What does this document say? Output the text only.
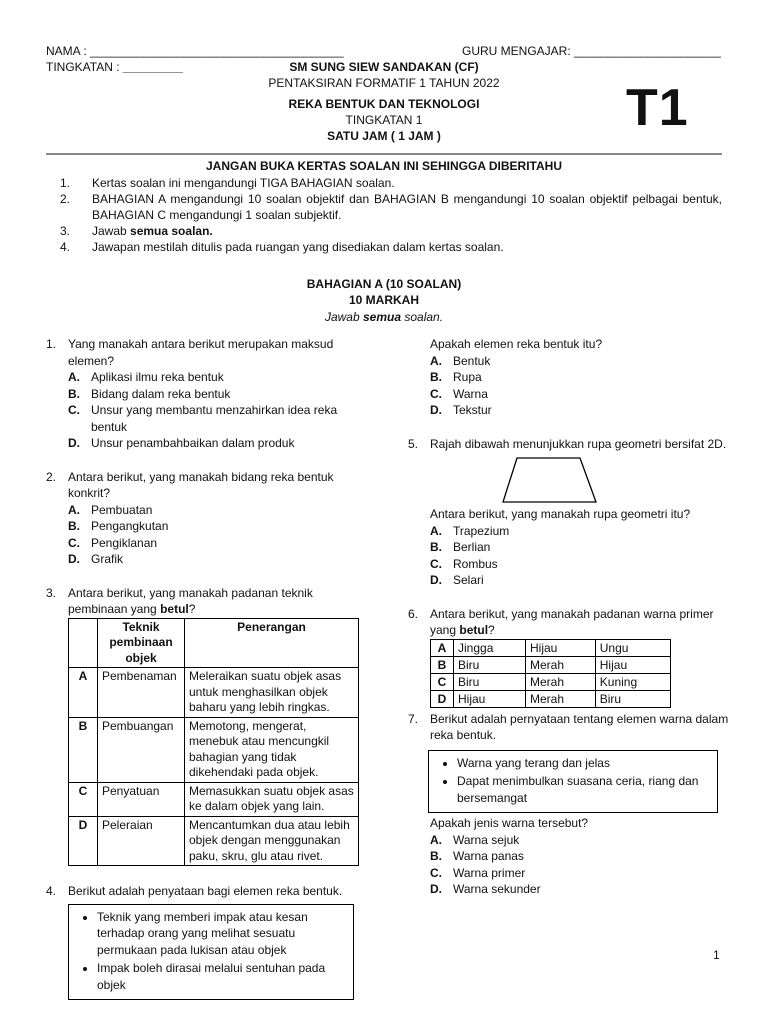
NAMA : ______________________________________	GURU MENGAJAR: ______________________
TINGKATAN : _________	SM SUNG SIEW SANDAKAN (CF)
PENTAKSIRAN FORMATIF 1 TAHUN 2022
REKA BENTUK DAN TEKNOLOGI
TINGKATAN 1
SATU JAM ( 1 JAM )	T1
JANGAN BUKA KERTAS SOALAN INI SEHINGGA DIBERITAHU
1. Kertas soalan ini mengandungi TIGA BAHAGIAN soalan.
2. BAHAGIAN A mengandungi 10 soalan objektif dan BAHAGIAN B mengandungi 10 soalan objektif pelbagai bentuk, BAHAGIAN C mengandungi 1 soalan subjektif.
3. Jawab semua soalan.
4. Jawapan mestilah ditulis pada ruangan yang disediakan dalam kertas soalan.
BAHAGIAN A (10 SOALAN)
10 MARKAH
Jawab semua soalan.
1. Yang manakah antara berikut merupakan maksud elemen?
A. Aplikasi ilmu reka bentuk
B. Bidang dalam reka bentuk
C. Unsur yang membantu menzahirkan idea reka bentuk
D. Unsur penambahbaikan dalam produk
2. Antara berikut, yang manakah bidang reka bentuk konkrit?
A. Pembuatan
B. Pengangkutan
C. Pengiklanan
D. Grafik
3. Antara berikut, yang manakah padanan teknik pembinaan yang betul?
	Teknik pembinaan objek	Penerangan
A	Pembenaman	Meleraikan suatu objek asas untuk menghasilkan objek baharu yang lebih ringkas.
B	Pembuangan	Memotong, mengerat, menebuk atau mencungkil bahagian yang tidak dikehendaki pada objek.
C	Penyatuan	Memasukkan suatu objek asas ke dalam objek yang lain.
D	Peleraian	Mencantumkan dua atau lebih objek dengan menggunakan paku, skru, glu atau rivet.
4. Berikut adalah penyataan bagi elemen reka bentuk.
• Teknik yang memberi impak atau kesan terhadap orang yang melihat sesuatu permukaan pada lukisan atau objek
• Impak boleh dirasai melalui sentuhan pada objek
Apakah elemen reka bentuk itu?
A. Bentuk
B. Rupa
C. Warna
D. Tekstur
5. Rajah dibawah menunjukkan rupa geometri bersifat 2D.
Antara berikut, yang manakah rupa geometri itu?
A. Trapezium
B. Berlian
C. Rombus
D. Selari
6. Antara berikut, yang manakah padanan warna primer yang betul?
A	Jingga	Hijau	Ungu
B	Biru	Merah	Hijau
C	Biru	Merah	Kuning
D	Hijau	Merah	Biru
7. Berikut adalah pernyataan tentang elemen warna dalam reka bentuk.
• Warna yang terang dan jelas
• Dapat menimbulkan suasana ceria, riang dan bersemangat
Apakah jenis warna tersebut?
A. Warna sejuk
B. Warna panas
C. Warna primer
D. Warna sekunder
1
